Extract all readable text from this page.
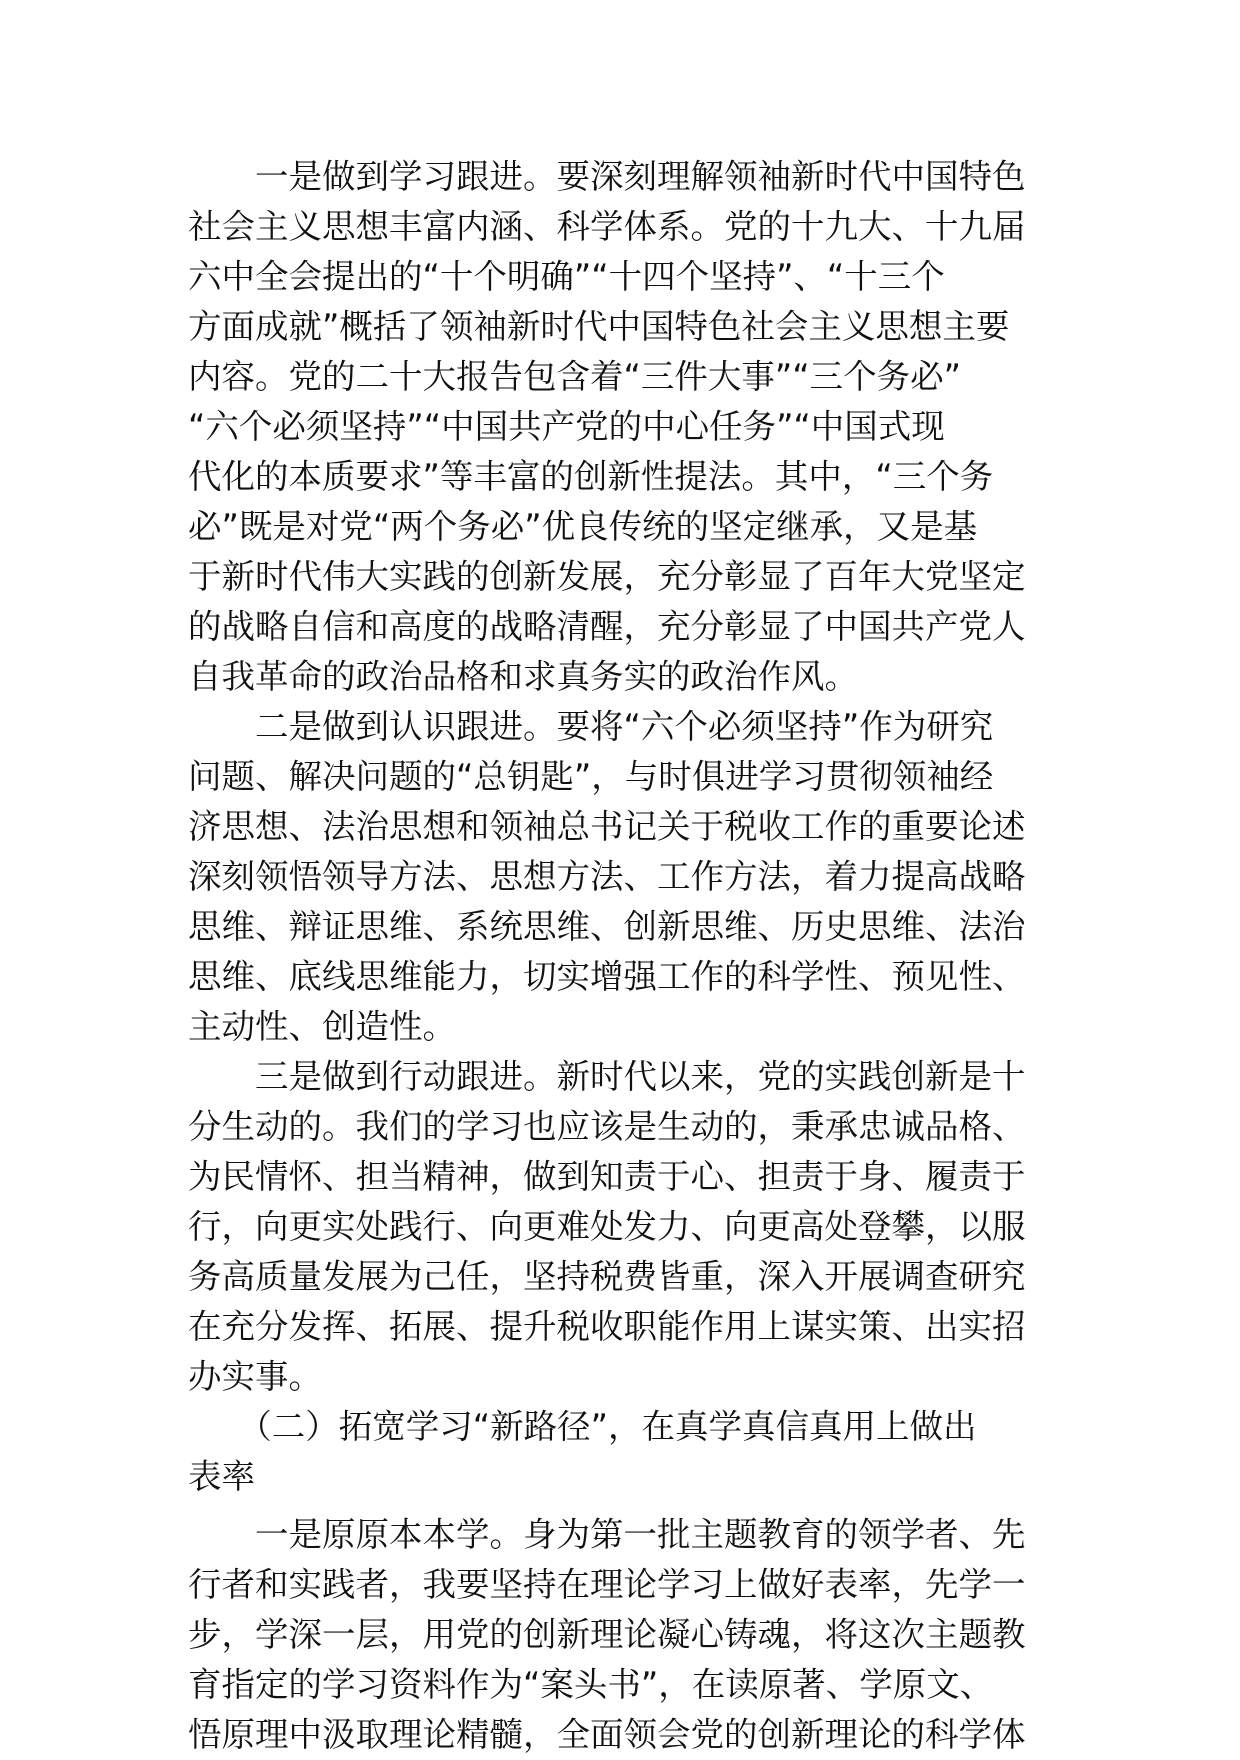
　　一是做到学习跟进。要深刻理解领袖新时代中国特色
社会主义思想丰富内涵、科学体系。党的十九大、十九届
六中全会提出的“十个明确”“十四个坚持”、“十三个
方面成就”概括了领袖新时代中国特色社会主义思想主要
内容。党的二十大报告包含着“三件大事”“三个务必”
“六个必须坚持”“中国共产党的中心任务”“中国式现
代化的本质要求”等丰富的创新性提法。其中，“三个务
必”既是对党“两个务必”优良传统的坚定继承，又是基
于新时代伟大实践的创新发展，充分彰显了百年大党坚定
的战略自信和高度的战略清醒，充分彰显了中国共产党人
自我革命的政治品格和求真务实的政治作风。
　　二是做到认识跟进。要将“六个必须坚持”作为研究
问题、解决问题的“总钥匙”，与时俱进学习贯彻领袖经
济思想、法治思想和领袖总书记关于税收工作的重要论述
深刻领悟领导方法、思想方法、工作方法，着力提高战略
思维、辩证思维、系统思维、创新思维、历史思维、法治
思维、底线思维能力，切实增强工作的科学性、预见性、
主动性、创造性。
　　三是做到行动跟进。新时代以来，党的实践创新是十
分生动的。我们的学习也应该是生动的，秉承忠诚品格、
为民情怀、担当精神，做到知责于心、担责于身、履责于
行，向更实处践行、向更难处发力、向更高处登攀，以服
务高质量发展为己任，坚持税费皆重，深入开展调查研究
在充分发挥、拓展、提升税收职能作用上谋实策、出实招
办实事。
　　（二）拓宽学习“新路径”，在真学真信真用上做出
表率
　　一是原原本本学。身为第一批主题教育的领学者、先
行者和实践者，我要坚持在理论学习上做好表率，先学一
步，学深一层，用党的创新理论凝心铸魂，将这次主题教
育指定的学习资料作为“案头书”，在读原著、学原文、
悟原理中汲取理论精髓，全面领会党的创新理论的科学体
